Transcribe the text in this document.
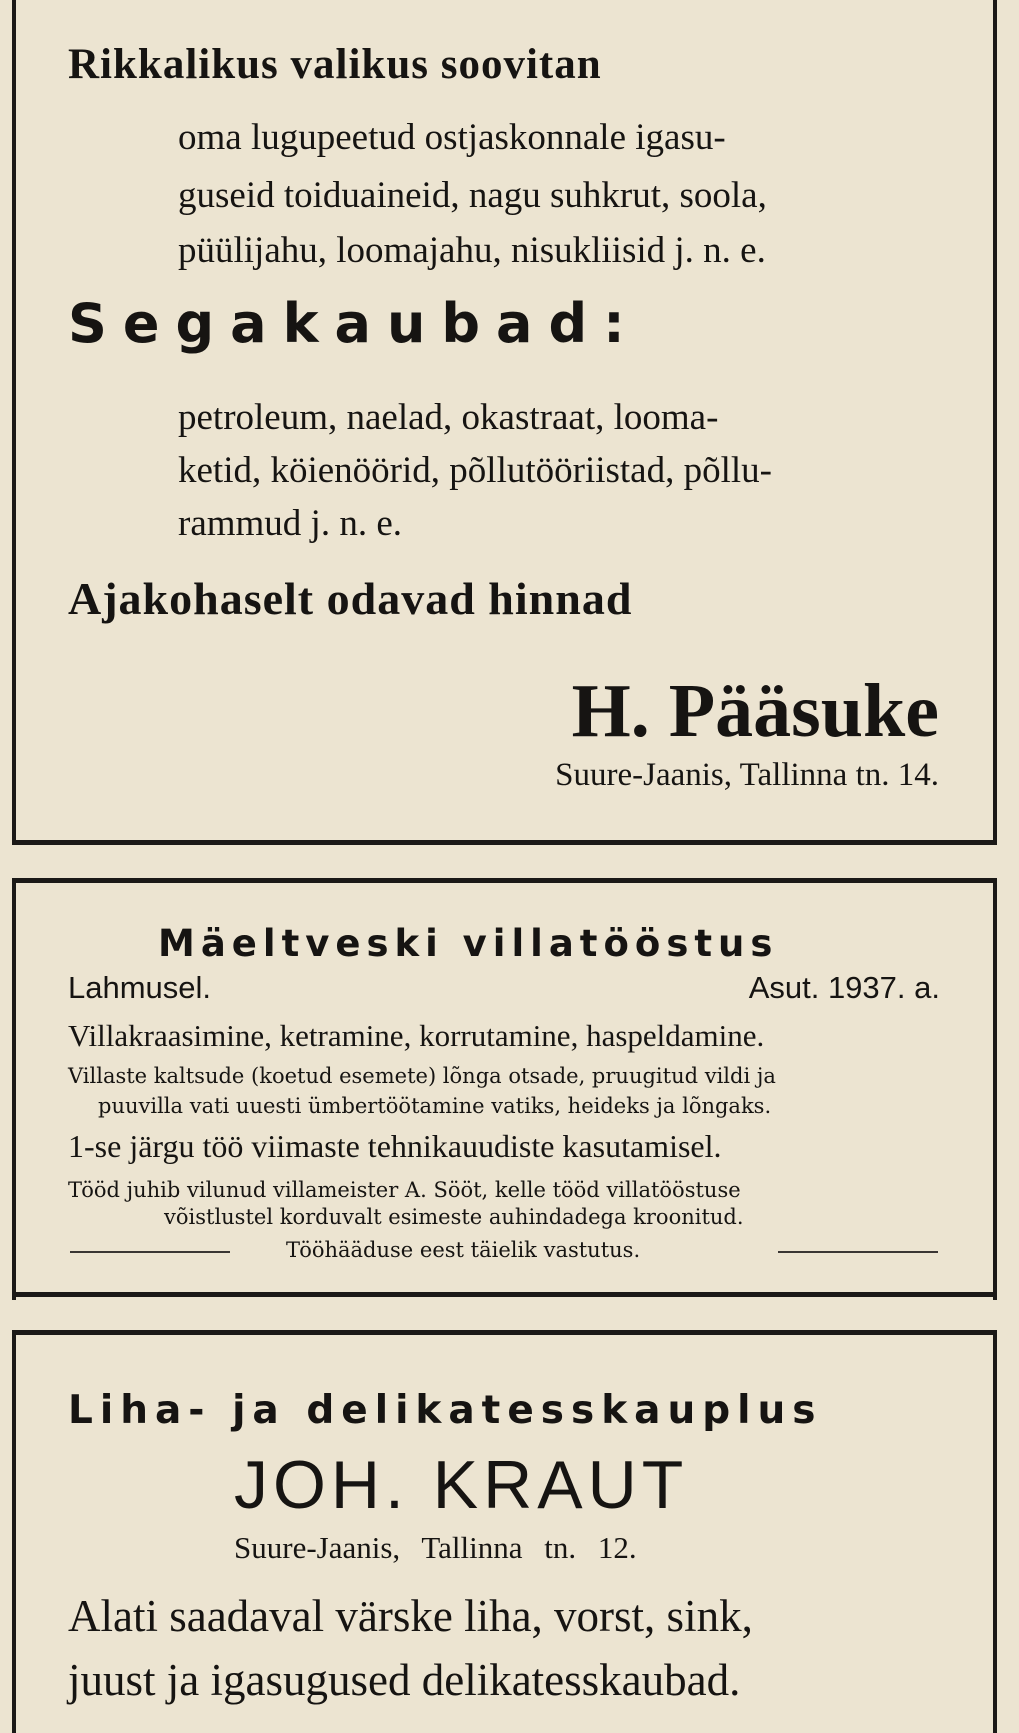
Rikkalikus valikus soovitan
oma lugupeetud ostjaskonnale igasu-
guseid toiduaineid, nagu suhkrut, soola,
püülijahu, loomajahu, nisukliisid j. n. e.
Segakaubad:
petroleum, naelad, okastraat, looma-
ketid, köienöörid, põllutööriistad, põllu-
rammud j. n. e.
Ajakohaselt odavad hinnad
H. Pääsuke
Suure-Jaanis, Tallinna tn. 14.
Mäeltveski villatööstus
Lahmusel.	Asut. 1937. a.
Villakraasimine, ketramine, korrutamine, haspeldamine.
Villaste kaltsude (koetud esemete) lõnga otsade, pruugitud vildi ja
puuvilla vati uuesti ümbertöötamine vatiks, heideks ja lõngaks.
1-se järgu töö viimaste tehnikauudiste kasutamisel.
Tööd juhib vilunud villameister A. Sööt, kelle tööd villatööstuse
võistlustel korduvalt esimeste auhindadega kroonitud.
Tööhääduse eest täielik vastutus.
Liha- ja delikatesskauplus
JOH. KRAUT
Suure-Jaanis, Tallinna tn. 12.
Alati saadaval värske liha, vorst, sink,
juust ja igasugused delikatesskaubad.
